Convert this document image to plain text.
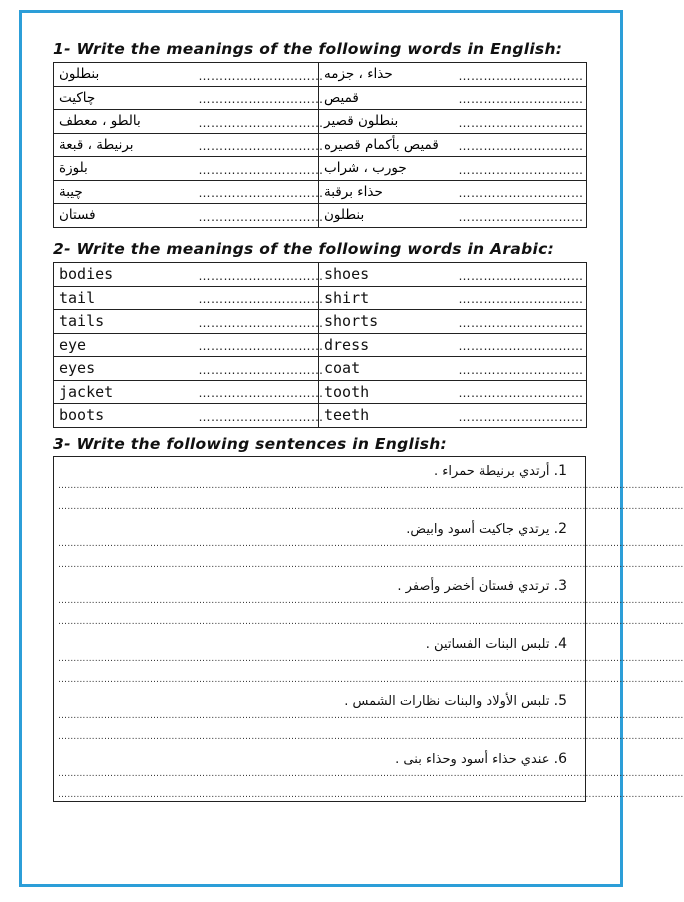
1- Write the meanings of the following words in English:
بنطلون	…………………………	حذاء ، جزمه	…………………………
چاكيت	…………………………	قميص	…………………………
بالطو ، معطف	…………………………	بنطلون قصير	…………………………
برنيطة ، قبعة	…………………………	قميص بأكمام قصيره	…………………………
بلوزة	…………………………	جورب ، شراب	…………………………
چيبة	…………………………	حذاء برقبة	…………………………
فستان	…………………………	بنطلون	…………………………
2- Write the meanings of the following words in Arabic:
bodies	…………………………	shoes	…………………………
tail	…………………………	shirt	…………………………
tails	…………………………	shorts	…………………………
eye	…………………………	dress	…………………………
eyes	…………………………	coat	…………………………
jacket	…………………………	tooth	…………………………
boots	…………………………	teeth	…………………………
3- Write the following sentences in English:
1. أرتدي برنيطة حمراء .
……………………………………………………………………………………………………………………………………………………………………………………
……………………………………………………………………………………………………………………………………………………………………………………
2. يرتدي جاكيت أسود وابيض.
……………………………………………………………………………………………………………………………………………………………………………………
……………………………………………………………………………………………………………………………………………………………………………………
3. ترتدي فستان أخضر وأصفر .
……………………………………………………………………………………………………………………………………………………………………………………
……………………………………………………………………………………………………………………………………………………………………………………
4. تلبس البنات الفساتين .
……………………………………………………………………………………………………………………………………………………………………………………
……………………………………………………………………………………………………………………………………………………………………………………
5. تلبس الأولاد والبنات نظارات الشمس .
……………………………………………………………………………………………………………………………………………………………………………………
……………………………………………………………………………………………………………………………………………………………………………………
6. عندي حذاء أسود وحذاء بنى .
……………………………………………………………………………………………………………………………………………………………………………………
……………………………………………………………………………………………………………………………………………………………………………………
